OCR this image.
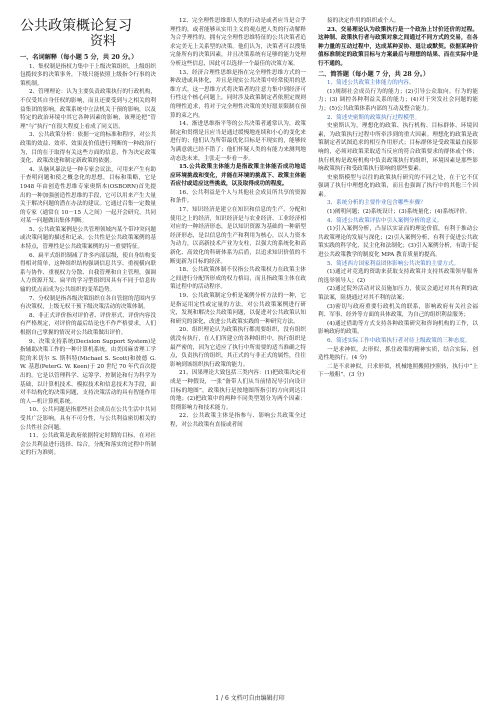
公共政策概论复习
资料

一、名词解释（每小题 5 分，共 20 分。）

1、集权制是指权力集中于上级决策组织，上级组织包揽较多的决策事务，下级只能依照上级指令行事的决策机制。

2、管理理论：认为主要负责政策执行的行政机构，不仅受其自身任权的影响，而且还要受到与之相关的利益集团的影响，政策系统中立法机关于预的影响，以及特定的政治环境中其它各种因素的影响，该理论把“管理”与“执行”在很大程度上看成了同义语。

3、公共政策分析：依据一定的标准和程序，对公共政策的效益、效率、效果及价值进行判断的一种政治行为，目的在于取得有关这些方面的信息，作为决定政策变化、政策改进和制定新政策的依据。

4、头脑风暴法是一种专家会议法，可用来产生有助于查明问题和使之概念化的思想，目标和策略，它是 1948 年由创造性思维专家奥斯本(OSBORN)首先提出的一种加强创造性思维的手段，它可以用来产生大量关于解决问题的潜在办法的建议。它通过召集一定数量的专家（通常在 10－15 人之间）一起开会研究，共同对某一问题做出集体判断。

5、公共政策案例是公共管理领域内某个带冲突问题或决策问题的描述和记录。公共性是公共政策案例的基本特点，管理性是公共政策案例的另一重要特征。

6、扁平式组织制减了许多内部层级，使自身结构变得相对简单，这种组织结构强调信息共享、重视横向联系与协作、重视权力分散、自我管理和自主管理，强调人力资源开发、扁平的学习型组织因具有不同于信息传输的优点而成为公共组织的变革趋势。

7、分权制是指各级决策组织在各自管辖的范围内享有决策权，上级无权干预下级决策活动的决策体制。

8、非正式评价指对评价者、评价形式、评价内容没有严格规定，对评价的最后结论也不作严格要求，人们根据自己掌握的情况对公共政策做出评价。

9、决策支持系统(Decision Support System)是指辅助决策工作的一种计算机系统，由美国麻省理工学院的米切尔 S. 斯科特(Michael S. Scott)和彼德 G. W. 基恩(PeterG. W. Keen)于 20 世纪 70 年代首次提出的。它是以管理科学、运筹学、控制论和行为科学为基础，以计算机技术、模拟技术和信息技术为手段，面对半结构化的决策问题，支持决策活动的具有智能作用的人—机计算机系统。

10、公共问题是指那些社会成员在公共生活中共同受其广泛影响，具有不可分性，与公共利益密切相关的公共性社会问题。

11、公共政策是政府依据特定时期的目标，在对社会公共利益进行选择、综合，分配和落实的过程中所制定的行为准则。

12、完全理性思维即人类的行动是或者应当是合乎理性的，或者能够从实用主义的观点把人类的行动解释为合乎理性的。拥有完全理性思维特征的公共决策者追求完美无上关系型的决策。他们认为，决策者可以搜集完备所有的决策因素，并且决策系统有足够的能力处理分析这些信息，因此可以选择一个最佳的决策方案。

13、经济合理性思维是指在完全理性思维方式的一种改进或具体化，并且是现实公共决策中经常使用的思维方式。这一思维方式将决策者的注意力集中到经济可行性这个核心问题上，同时涉及政策制定者依照定规则的理性追求，将对于完全理性决策的美好愿景限制在预算的束之内。

14、渐进思维指平等的公共决策者通常认为，政策制定和贯彻是且应当是通过缓慢地连续和小心的变化来进行的；他们认为所带最优化目标是不现实的，能够较为满意就已经不错了；他们怀疑人类的有能力来测判地动态迭未来，主张走一步看一步。

15.公共政策主体能力是指政策主体能否成功地适应环境挑战和变化，并能在环境的挑战下、政策主体能否应付或适应这些挑战，以及取得成功的程度。

16、公共利益是个人与其他社会成员所共享的资源和条件。

17、知识经济是建立在知识和信息的生产、分配和使用之上的经济，知识经济是与农业经济、工业经济相对应的一种经济形态，是以知识资源为基础的一种新型经济形态，是以信息的生产和利用为核心，以人力资本为动力，以高新技术产业为支柱，以强大的系统化和高新化、高效化的科研体系为后盾，以追求知识价值的不断更新为目标的经济。

18、公共政策体制不仅指公共政策权力在政策主体之间进行分配所形成的权力格局，而且指政策主体在政策过程中的活动程序。

19、公共政策制定分析是案例分析方法的一种，它是指运用定性或定量的方法，对公共政策案例进行研究，发现和解决公共政策问题，以促进对公共政策认知和研究的深化，改进公共政策实践的一种研究方法。

20、组织理论认为政策执行都需要组织，没有组织就没有执行，在人们所建立的各种组织中，执行组织是最严密的，因为它适应了执行中所需要的适当准确之特点，负责执行的组织，其正式的与非正式的属性，往往影响到该组织执行政策的能力。

21、因果理论大致包括三类内容：(1)把政策决定看成是一种假设，一张“备带人们从当前情况导引向设计目标的地图”，政策执行是按地图所指引的方向到达目的地；(2)把政策中的两种不同类型划分为两个因素：贯彻影响力和技术能力。

22、公共政策主体是指参与、影响公共政策全过程，对公共政策有直接或者间

接的决定作用的组织或个人。

23、交易理论认为政策执行是一个政治上讨价还价的过程。这种制、政策执行者与政策对象之间通过不同方式的交易，在各种力量的互动过程中，达成某种妥协、退让或默契。依据某种价值标准制定的政策目标与方案最后与理想的结果、而在实际中是行不通的。

二、简答题（每小题 7 分，共 28 分。）

1、简述公共政策主体能力的内容。

(1)规制社会成员行为的能力；(2)引导公众取向。行为的能力；(3) 调控各种利益关系的能力；(4)对于突发社会问题的能力；(5)公共政策体系内部的互动及整合能力。

2、简述史密斯的政策执行过程模型。

史密斯认为，理想化的政策、执行机构、目标群体、环境因素，为政策执行过程中所牵涉到的重大因素。理想化的政策是政策制定者试图追求的相互作用形式；目标群体是受政策最直接影响的，必须对政策采取适当反应的符合政策要求的群体或个体；执行机构是政府机构中负责政策执行的组织，环境因素是那些影响政策执行和受政策执行影响的那些要素。

史密斯模型与以往的政策执行研究的不同之处，在于它不仅强调了执行中理想化的政策，而且也强调了执行中的其他三个因素。

3、系统分析的主要作业包含哪些步骤？

(1)阐明问题；(2)系统设计；(3)系统量化；(4)系统评价。

4、简述公共政策评估中引入案例分析的意义。

(1)引入案例分析，凸显以实证而的理论价值，有利于推动公共政策理论的发展与深化；(2)引入案例分析，有利于促进公共政策实践的科学化、民主化和法制化；(3)引入案例分析，有助于促进公共政策教学的制度化 MPA 教育质量的提高。

5、简述西方国家利益团体影响公共决策的主要方式。

(1)通过对竞选的资助来获取支持政策并支持其政策领导服务的选举领导人；(2)

(2)通过院外活动对议员施加压力，使议会通过对其有利的政策法案，阻挠通过对其不利的法案；

(3)密切与政府重要行政机关的联系，影响政府有关社会福利、军事、经外等方面的具体政策，为自己的组织利益服务；

(4)通过借助等方式支持各种政策研究和咨询机构的工作，以影响政府的政策。

6、简述实际工作中政策执行者对待上级政策的三种态度。

一是求神似，去形似，抓住政策的精神实质，结合实际，创造性地执行。(4 分)

二是不求神似，只求形似，机械地照搬照抄照转，执行中“上下一般粗”。(3 分)

1 / 6 文档可自由编辑打印
